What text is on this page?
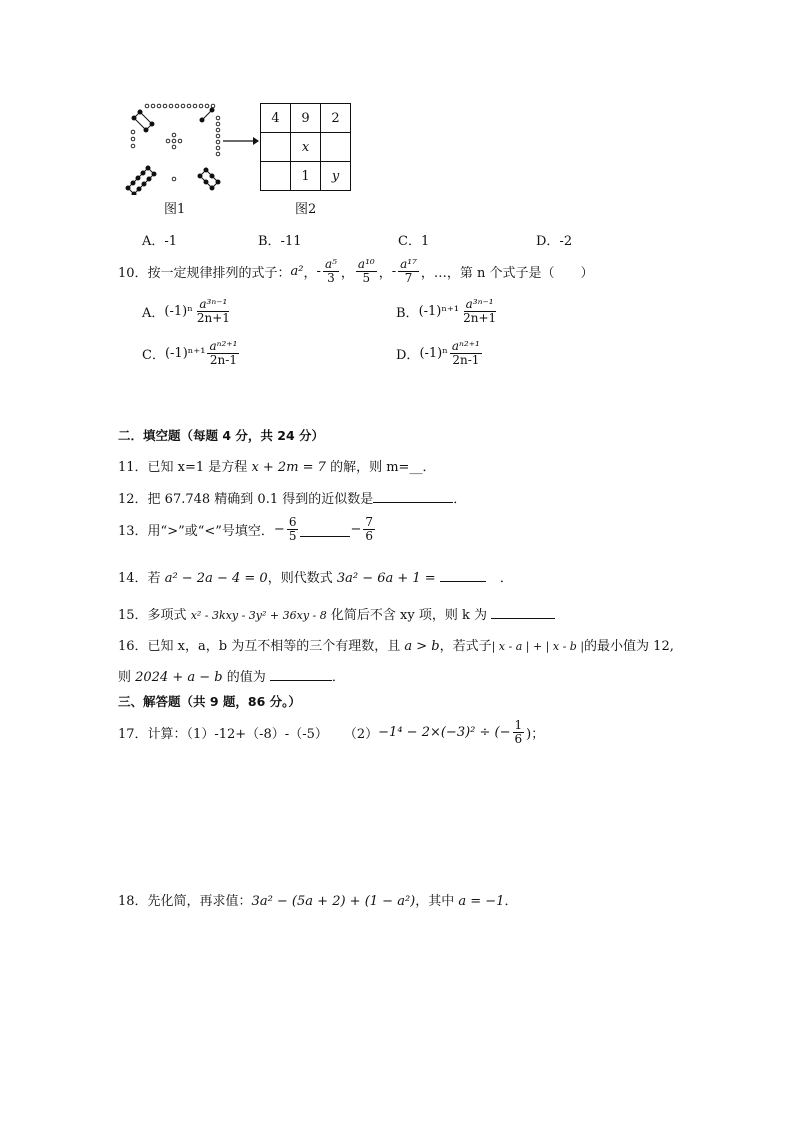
4	9	2
	x	
	1	y
图1	图2
A．-1	B．-11	C．1	D．-2
10．按一定规律排列的式子： a² ， - $\frac{\text{a⁵}}{3}$ ， $\frac{\text{a¹⁰}}{5}$ ， - $\frac{\text{a¹⁷}}{7}$ ，…，第 n 个式子是（　　）
A． $(-1)^n \frac{\text{a³ⁿ⁻¹}}{2n+1}$	B． $(-1)^{n+1} \frac{\text{a³ⁿ⁻¹}}{2n+1}$
C． $(-1)^{n+1} \frac{\text{aⁿ²⁺¹}}{2n-1}$	D． $(-1)^n \frac{\text{aⁿ²⁺¹}}{2n-1}$
二．填空题（每题 4 分，共 24 分）
11．已知 x=1 是方程 x + 2m = 7 的解，则 m=__．
12．把 67.748 精确到 0.1 得到的近似数是	．
13．用“>”或“<”号填空． − $\frac{6}{5}$	− $\frac{7}{6}$
14．若 a² − 2a − 4 = 0，则代数式 3a² − 6a + 1 =	．
15．多项式 x² - 3kxy - 3y² + 36xy - 8 化简后不含 xy 项，则 k 为
16．已知 x，a，b 为互不相等的三个有理数，且 a > b，若式子| x - a | + | x - b |的最小值为 12,
则 2024 + a − b 的值为	．
三、解答题（共 9 题，86 分。）
17．计算：（1）-12+（-8）-（-5） （2） −1⁴ − 2×(−3)² ÷ (− $\frac{1}{6}$ )；
18．先化简，再求值：3a² − (5a + 2) + (1 − a²)，其中 a = −1．
